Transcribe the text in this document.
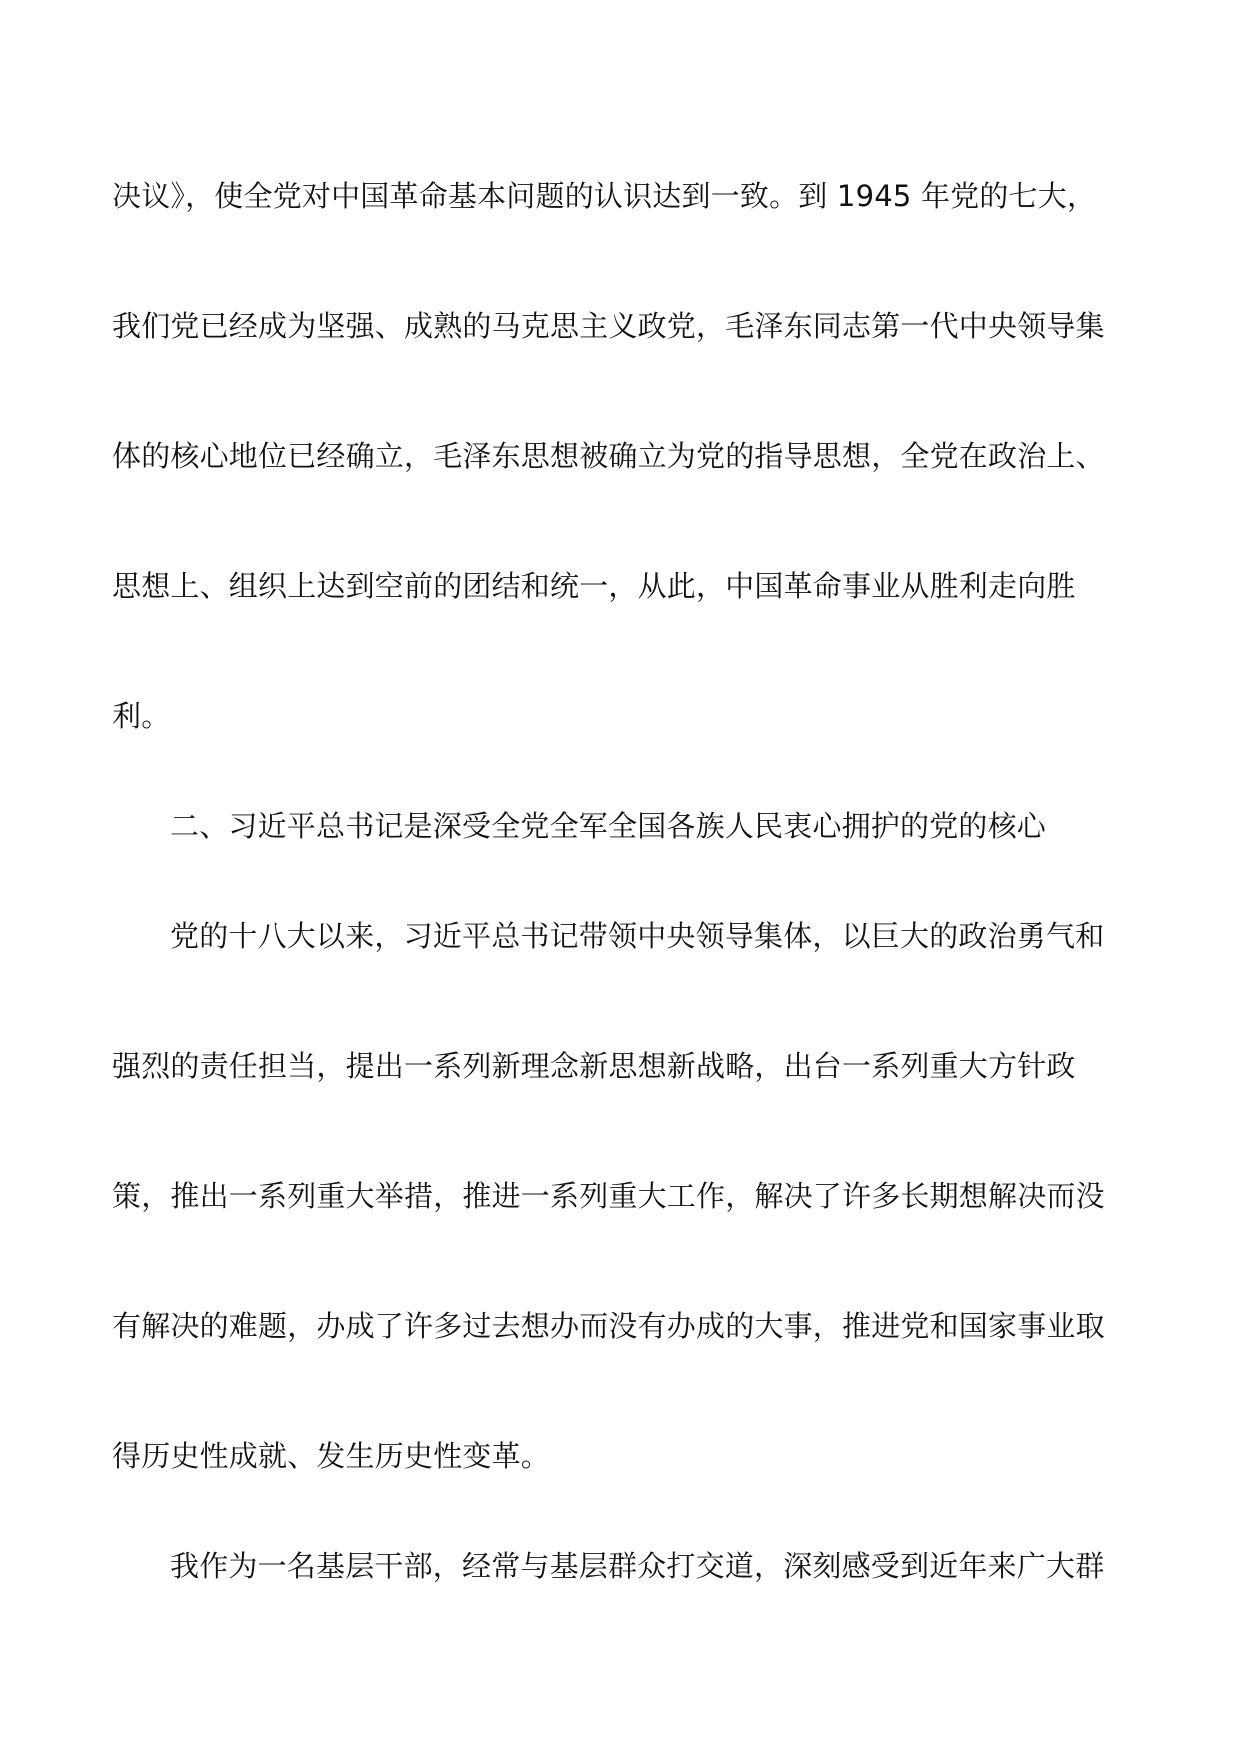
决议》，使全党对中国革命基本问题的认识达到一致。到 1945 年党的七大，
我们党已经成为坚强、成熟的马克思主义政党，毛泽东同志第一代中央领导集
体的核心地位已经确立，毛泽东思想被确立为党的指导思想，全党在政治上、
思想上、组织上达到空前的团结和统一，从此，中国革命事业从胜利走向胜
利。
二、习近平总书记是深受全党全军全国各族人民衷心拥护的党的核心
党的十八大以来，习近平总书记带领中央领导集体，以巨大的政治勇气和
强烈的责任担当，提出一系列新理念新思想新战略，出台一系列重大方针政
策，推出一系列重大举措，推进一系列重大工作，解决了许多长期想解决而没
有解决的难题，办成了许多过去想办而没有办成的大事，推进党和国家事业取
得历史性成就、发生历史性变革。
我作为一名基层干部，经常与基层群众打交道，深刻感受到近年来广大群
